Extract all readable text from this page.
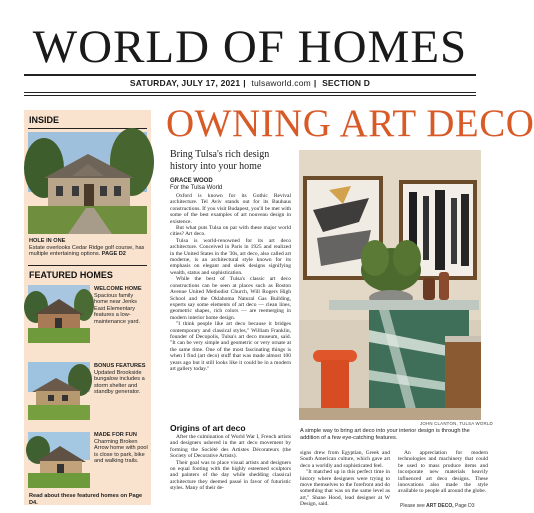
WORLD OF HOMES
SATURDAY, JULY 17, 2021 | tulsaworld.com | SECTION D
INSIDE
HOLE IN ONE
Estate overlooks Cedar Ridge golf course, has multiple entertaining options. PAGE D2
FEATURED HOMES
WELCOME HOME
Spacious family home near Jenks East Elementary features a low-maintenance yard.
BONUS FEATURES
Updated Brookside bungalow includes a storm shelter and standby generator.
MADE FOR FUN
Charming Broken Arrow home with pool is close to park, bike and walking trails.
Read about these featured homes on Page D4.
OWNING ART DECO
Bring Tulsa's rich design history into your home
GRACE WOOD
For the Tulsa World

Oxford is known for its Gothic Revival architecture. Tel Aviv stands out for its Bauhaus constructions. If you visit Budapest, you'll be met with some of the best examples of art nouveau design in existence.

But what puts Tulsa on par with these major world cities? Art deco.

Tulsa is world-renowned for its art deco architecture. Conceived in Paris in 1925 and realized in the United States in the '30s, art deco, also called art moderne, is an architectural style known for its emphasis on elegant and sleek designs signifying wealth, status and sophistication.

While the best of Tulsa's classic art deco constructions can be seen at places such as Boston Avenue United Methodist Church, Will Rogers High School and the Oklahoma Natural Gas Building, experts say some elements of art deco — clean lines, geometric shapes, rich colors — are reemerging in modern interior home design.

"I think people like art deco because it bridges contemporary and classical styles," William Franklin, founder of Decopolis, Tulsa's art deco museum, said. "It can be very simple and geometric or very ornate at the same time. One of the most fascinating things is when I find (art deco) stuff that was made almost 100 years ago but it still looks like it could be in a modern art gallery today."

JOHN CLANTON, TULSA WORLD
A simple way to bring art deco into your interior design is through the addition of a few eye-catching features.
Origins of art deco

After the culmination of World War I, French artists and designers ushered in the art deco movement by forming the Société des Artistes Décorateurs (the Society of Decorative Artists).

Their goal was to place visual artists and designers on equal footing with the highly esteemed sculptors and painters of the day while shedding classical architecture they deemed passé in favor of futuristic styles. Many of their de-

signs drew from Egyptian, Greek and South American culture, which gave art deco a worldly and sophisticated feel.

"It matched up in this perfect time in history where designers were trying to move themselves to the forefront and do something that was on the same level as art," Shane Hood, lead designer at W Design, said.

An appreciation for modern technologies and machinery that could be used to mass produce items and incorporate new materials heavily influenced art deco designs. These innovations also made the style available to people all around the globe.

Please see ART DECO, Page D3
